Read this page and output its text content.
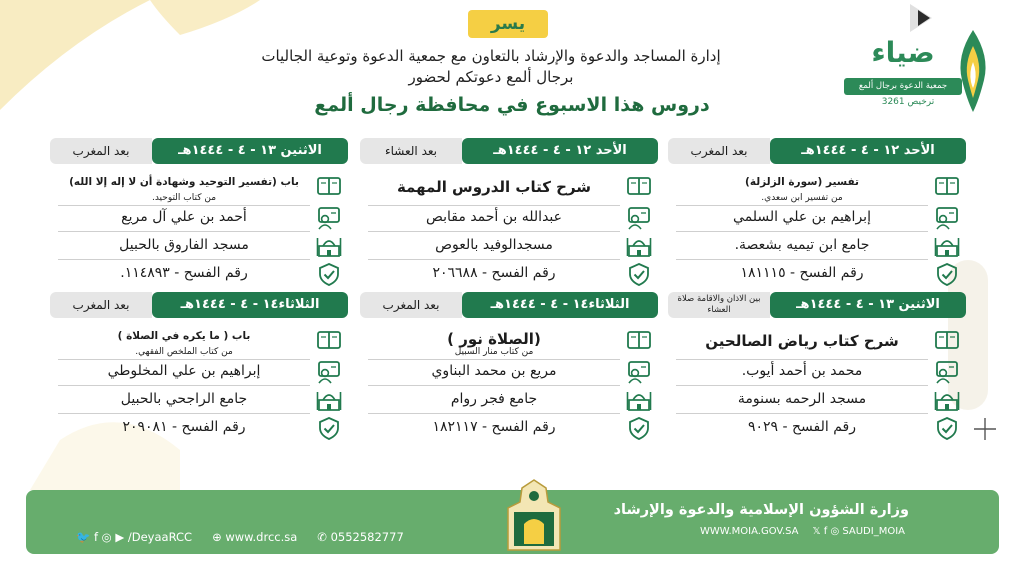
يسر
إدارة المساجد والدعوة والإرشاد بالتعاون مع جمعية الدعوة وتوعية الجاليات برجال ألمع دعوتكم لحضور
دروس هذا الاسبوع في محافظة رجال ألمع
ضياء
جمعية الدعوة برجال ألمع
ترخيص 3261
الأحد ١٢ - ٤ - ١٤٤٤هـ
بعد المغرب
تفسير (سورة الزلزلة)
من تفسير ابن سعدي.
إبراهيم بن علي السلمي
جامع ابن تيميه بشعصة.
رقم الفسح - ١٨١١١٥
الأحد ١٢ - ٤ - ١٤٤٤هـ
بعد العشاء
شرح كتاب الدروس المهمة
عبدالله بن أحمد مقابص
مسجدالوفيد بالعوص
رقم الفسح - ٢٠٦٦٨٨
الاثنين ١٣ - ٤ - ١٤٤٤هـ
بعد المغرب
باب (تفسير التوحيد وشهادة أن لا إله إلا الله)
من كتاب التوحيد.
أحمد بن علي آل مريع
مسجد الفاروق بالحبيل
رقم الفسح - ١١٤٨٩٣.
الاثنين ١٣ - ٤ - ١٤٤٤هـ
بين الاذان والاقامة صلاة العشاء
شرح كتاب رياض الصالحين
محمد بن أحمد أيوب.
مسجد الرحمه بسنومة
رقم الفسح - ٩٠٢٩
الثلاثاء١٤ - ٤ - ١٤٤٤هـ
بعد المغرب
(الصلاة نور )
من كتاب منار السبيل
مريع بن محمد البناوي
جامع فجر روام
رقم الفسح - ١٨٢١١٧
الثلاثاء١٤ - ٤ - ١٤٤٤هـ
بعد المغرب
باب ( ما يكره في الصلاة )
من كتاب الملخص الفقهي.
إبراهيم بن علي المخلوطي
جامع الراجحي بالحبيل
رقم الفسح - ٢٠٩٠٨١
وزارة الشؤون الإسلامية والدعوة والإرشاد
WWW.MOIA.GOV.SA 𝕏 f ◎ SAUDI_MOIA
🐦 f ◎ ▶ /DeyaaRCC ⊕ www.drcc.sa ✆ 0552582777
